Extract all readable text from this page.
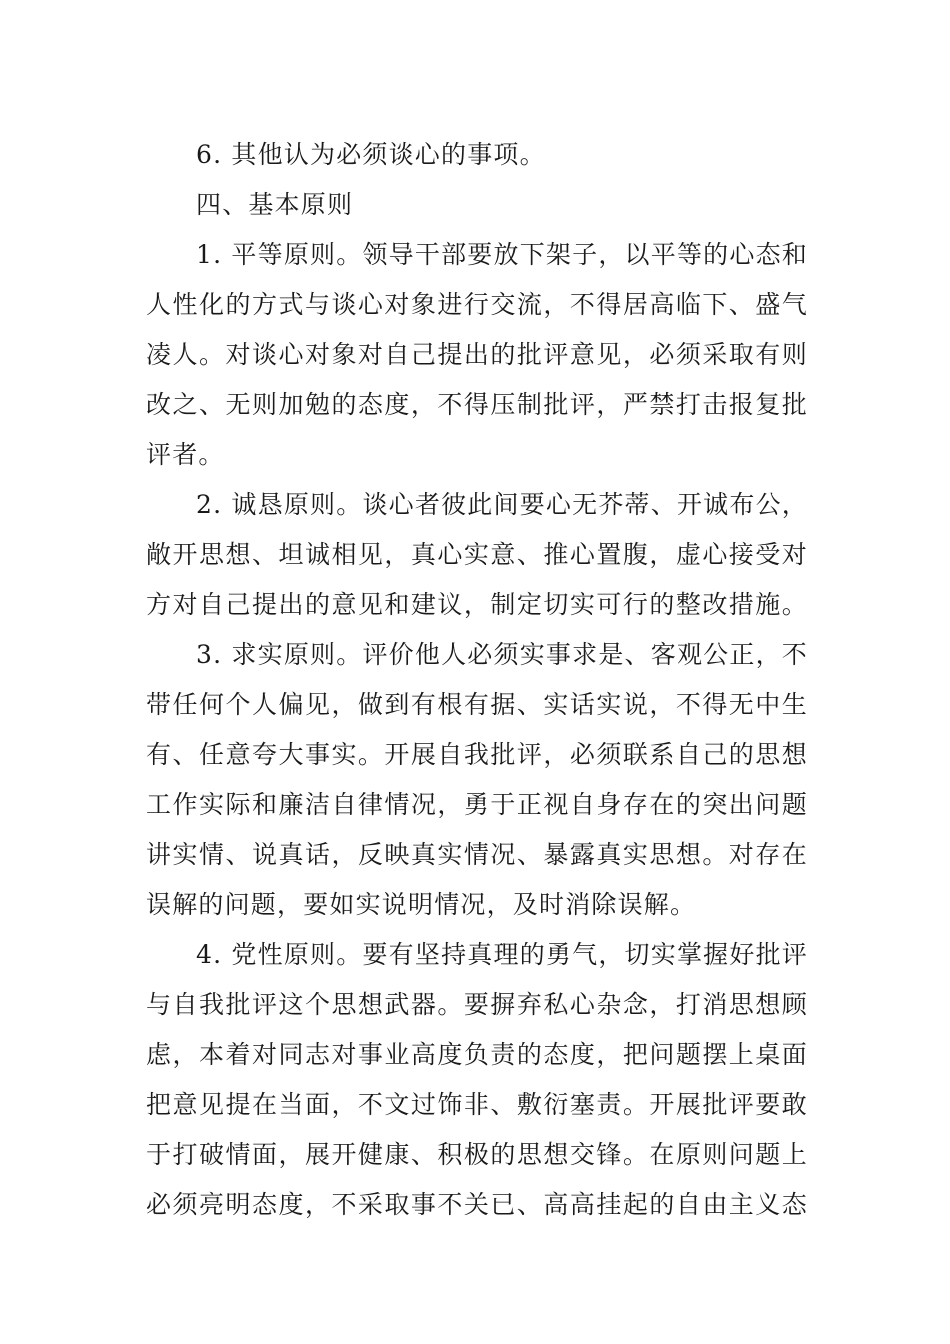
6. 其他认为必须谈心的事项。
四、基本原则
1. 平等原则。领导干部要放下架子，以平等的心态和
人性化的方式与谈心对象进行交流，不得居高临下、盛气
凌人。对谈心对象对自己提出的批评意见，必须采取有则
改之、无则加勉的态度，不得压制批评，严禁打击报复批
评者。
2. 诚恳原则。谈心者彼此间要心无芥蒂、开诚布公，
敞开思想、坦诚相见，真心实意、推心置腹，虚心接受对
方对自己提出的意见和建议，制定切实可行的整改措施。
3. 求实原则。评价他人必须实事求是、客观公正，不
带任何个人偏见，做到有根有据、实话实说，不得无中生
有、任意夸大事实。开展自我批评，必须联系自己的思想
工作实际和廉洁自律情况，勇于正视自身存在的突出问题
讲实情、说真话，反映真实情况、暴露真实思想。对存在
误解的问题，要如实说明情况，及时消除误解。
4. 党性原则。要有坚持真理的勇气，切实掌握好批评
与自我批评这个思想武器。要摒弃私心杂念，打消思想顾
虑，本着对同志对事业高度负责的态度，把问题摆上桌面
把意见提在当面，不文过饰非、敷衍塞责。开展批评要敢
于打破情面，展开健康、积极的思想交锋。在原则问题上
必须亮明态度，不采取事不关已、高高挂起的自由主义态
